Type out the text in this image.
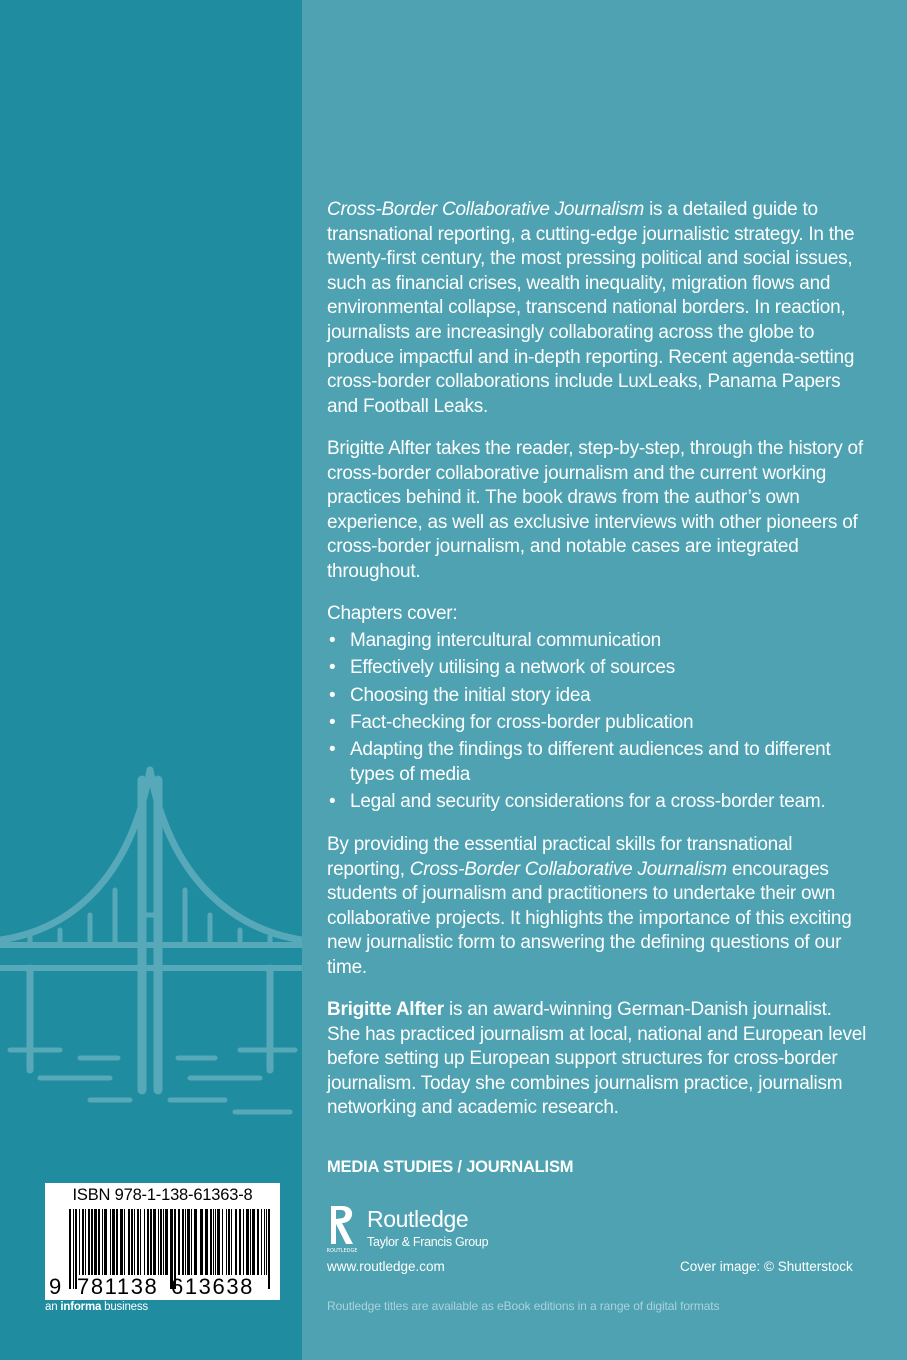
ISBN 978-1-138-61363-8
9 781138 613638
an informa business

Cross-Border Collaborative Journalism is a detailed guide to transnational reporting, a cutting-edge journalistic strategy. In the twenty-first century, the most pressing political and social issues, such as financial crises, wealth inequality, migration flows and environmental collapse, transcend national borders. In reaction, journalists are increasingly collaborating across the globe to produce impactful and in-depth reporting. Recent agenda-setting cross-border collaborations include LuxLeaks, Panama Papers and Football Leaks.

Brigitte Alfter takes the reader, step-by-step, through the history of cross-border collaborative journalism and the current working practices behind it. The book draws from the author’s own experience, as well as exclusive interviews with other pioneers of cross-border journalism, and notable cases are integrated throughout.

Chapters cover:

• Managing intercultural communication
• Effectively utilising a network of sources
• Choosing the initial story idea
• Fact-checking for cross-border publication
• Adapting the findings to different audiences and to different types of media
• Legal and security considerations for a cross-border team.

By providing the essential practical skills for transnational reporting, Cross-Border Collaborative Journalism encourages students of journalism and practitioners to undertake their own collaborative projects. It highlights the importance of this exciting new journalistic form to answering the defining questions of our time.

Brigitte Alfter is an award-winning German-Danish journalist. She has practiced journalism at local, national and European level before setting up European support structures for cross-border journalism. Today she combines journalism practice, journalism networking and academic research.

MEDIA STUDIES / JOURNALISM

ROUTLEDGE
Routledge
Taylor & Francis Group
www.routledge.com	Cover image: © Shutterstock
Routledge titles are available as eBook editions in a range of digital formats
